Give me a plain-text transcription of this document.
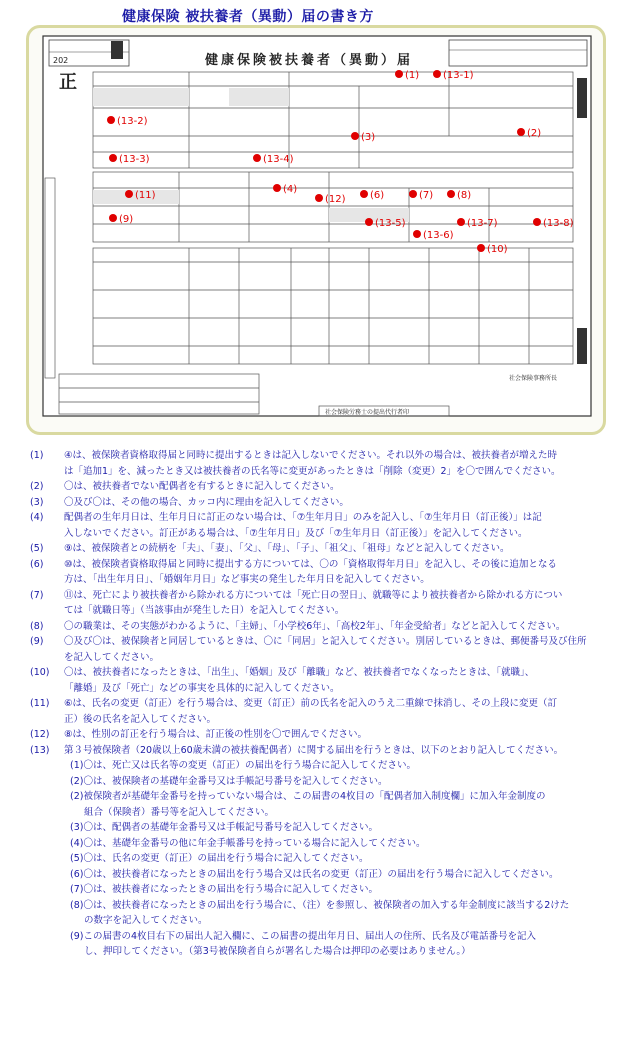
健康保険 被扶養者（異動）届の書き方
202
正
健康保険被扶養者（異動）届
社会保険事務所長
社会保険労務士の提出代行者印
(1) (13-1)
(13-2)
(2)
(3)
(13-3)	(13-4)
(4)
(11)	(12) (6)	(7) (8)
(9)	(13-5)
(13-6)
(13-7)	(13-8)
(10)

(1) ④は、被保険者資格取得届と同時に提出するときは記入しないでください。それ以外の場合は、被扶養者が増えた時
は「追加1」を、減ったとき又は被扶養者の氏名等に変更があったときは「削除（変更）2」を〇で囲んでください。

(2) 〇は、被扶養者でない配偶者を有するときに記入してください。

(3) 〇及び〇は、その他の場合、カッコ内に理由を記入してください。

(4) 配偶者の生年月日は、生年月日に訂正のない場合は、「⑦生年月日」のみを記入し、「⑦生年月日（訂正後）」は記
入しないでください。訂正がある場合は、「⑦生年月日」及び「⑦生年月日（訂正後）」を記入してください。

(5) ⑨は、被保険者との続柄を「夫」、「妻」、「父」、「母」、「子」、「祖父」、「祖母」などと記入してください。

(6) ⑩は、被保険者資格取得届と同時に提出する方については、〇の「資格取得年月日」を記入し、その後に追加となる
方は、「出生年月日」、「婚姻年月日」など事実の発生した年月日を記入してください。

(7) ⑪は、死亡により被扶養者から除かれる方については「死亡日の翌日」、就職等により被扶養者から除かれる方につい
ては「就職日等」（当該事由が発生した日）を記入してください。

(8) 〇の職業は、その実態がわかるように、「主婦」、「小学校6年」、「高校2年」、「年金受給者」などと記入してください。

(9) 〇及び〇は、被保険者と同居しているときは、〇に「同居」と記入してください。別居しているときは、郵便番号及び住所
を記入してください。

(10) 〇は、被扶養者になったときは、「出生」、「婚姻」及び「離職」など、被扶養者でなくなったときは、「就職」、
「離婚」及び「死亡」などの事実を具体的に記入してください。

(11) ⑥は、氏名の変更（訂正）を行う場合は、変更（訂正）前の氏名を記入のうえ二重線で抹消し、その上段に変更（訂
正）後の氏名を記入してください。

(12) ⑧は、性別の訂正を行う場合は、訂正後の性別を〇で囲んでください。

(13) 第３号被保険者（20歳以上60歳未満の被扶養配偶者）に関する届出を行うときは、以下のとおり記入してください。

(1)〇は、死亡又は氏名等の変更（訂正）の届出を行う場合に記入してください。

(2)〇は、被保険者の基礎年金番号又は手帳記号番号を記入してください。

(2)被保険者が基礎年金番号を持っていない場合は、この届書の4枚目の「配偶者加入制度欄」に加入年金制度の
組合（保険者）番号等を記入してください。

(3)〇は、配偶者の基礎年金番号又は手帳記号番号を記入してください。

(4)〇は、基礎年金番号の他に年金手帳番号を持っている場合に記入してください。

(5)〇は、氏名の変更（訂正）の届出を行う場合に記入してください。

(6)〇は、被扶養者になったときの届出を行う場合又は氏名の変更（訂正）の届出を行う場合に記入してください。

(7)〇は、被扶養者になったときの届出を行う場合に記入してください。

(8)〇は、被扶養者になったときの届出を行う場合に、（注）を参照し、被保険者の加入する年金制度に該当する2けた
の数字を記入してください。

(9)この届書の4枚目右下の届出人記入欄に、この届書の提出年月日、届出人の住所、氏名及び電話番号を記入
し、押印してください。（第3号被保険者自らが署名した場合は押印の必要はありません。）
